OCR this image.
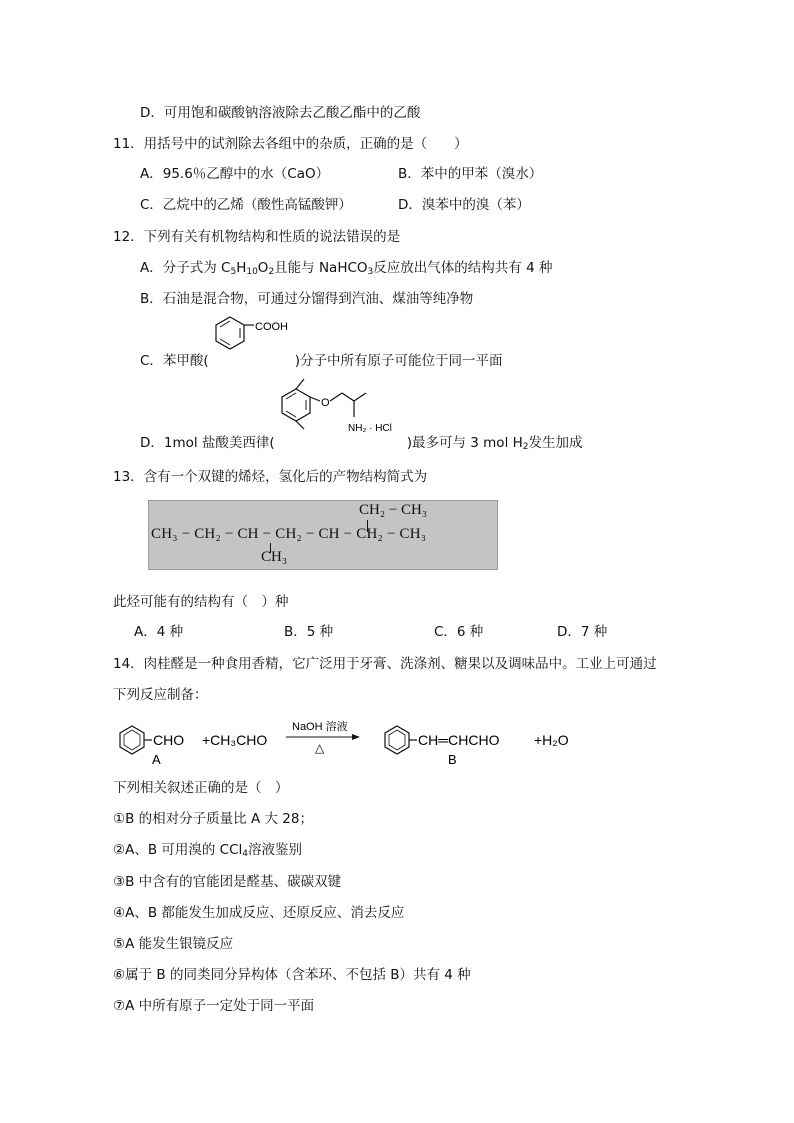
D．可用饱和碳酸钠溶液除去乙酸乙酯中的乙酸
11．用括号中的试剂除去各组中的杂质，正确的是（　　）
A．95.6％乙醇中的水（CaO）	B．苯中的甲苯（溴水）
C．乙烷中的乙烯（酸性高锰酸钾）	D．溴苯中的溴（苯）
12．下列有关有机物结构和性质的说法错误的是
A．分子式为 $C_5H_{10}O_2$且能与 NaHCO$_3$反应放出气体的结构共有 4 种
B．石油是混合物，可通过分馏得到汽油、煤油等纯净物
COOH
C．苯甲酸(	)分子中所有原子可能位于同一平面
O
NH₂ · HCl
D．1mol 盐酸美西律(	)最多可与 3 mol $H_2$发生加成
13．含有一个双键的烯烃，氢化后的产物结构简式为
CH₂ − CH₃
CH₃ − CH₂ − CH − CH₂ − CH − CH₂ − CH₃
CH₃
此烃可能有的结构有（　）种
A．4 种	B．5 种	C．6 种	D．7 种
14．肉桂醛是一种食用香精，它广泛用于牙膏、洗涤剂、糖果以及调味品中。工业上可通过
下列反应制备：
CHO +CH₃CHO
NaOH 溶液
△	CH═CHCHO +H₂O
A	B
下列相关叙述正确的是（　）
①B 的相对分子质量比 A 大 28；
②A、B 可用溴的 CCl$_4$溶液鉴别
③B 中含有的官能团是醛基、碳碳双键
④A、B 都能发生加成反应、还原反应、消去反应
⑤A 能发生银镜反应
⑥属于 B 的同类同分异构体（含苯环、不包括 B）共有 4 种
⑦A 中所有原子一定处于同一平面
